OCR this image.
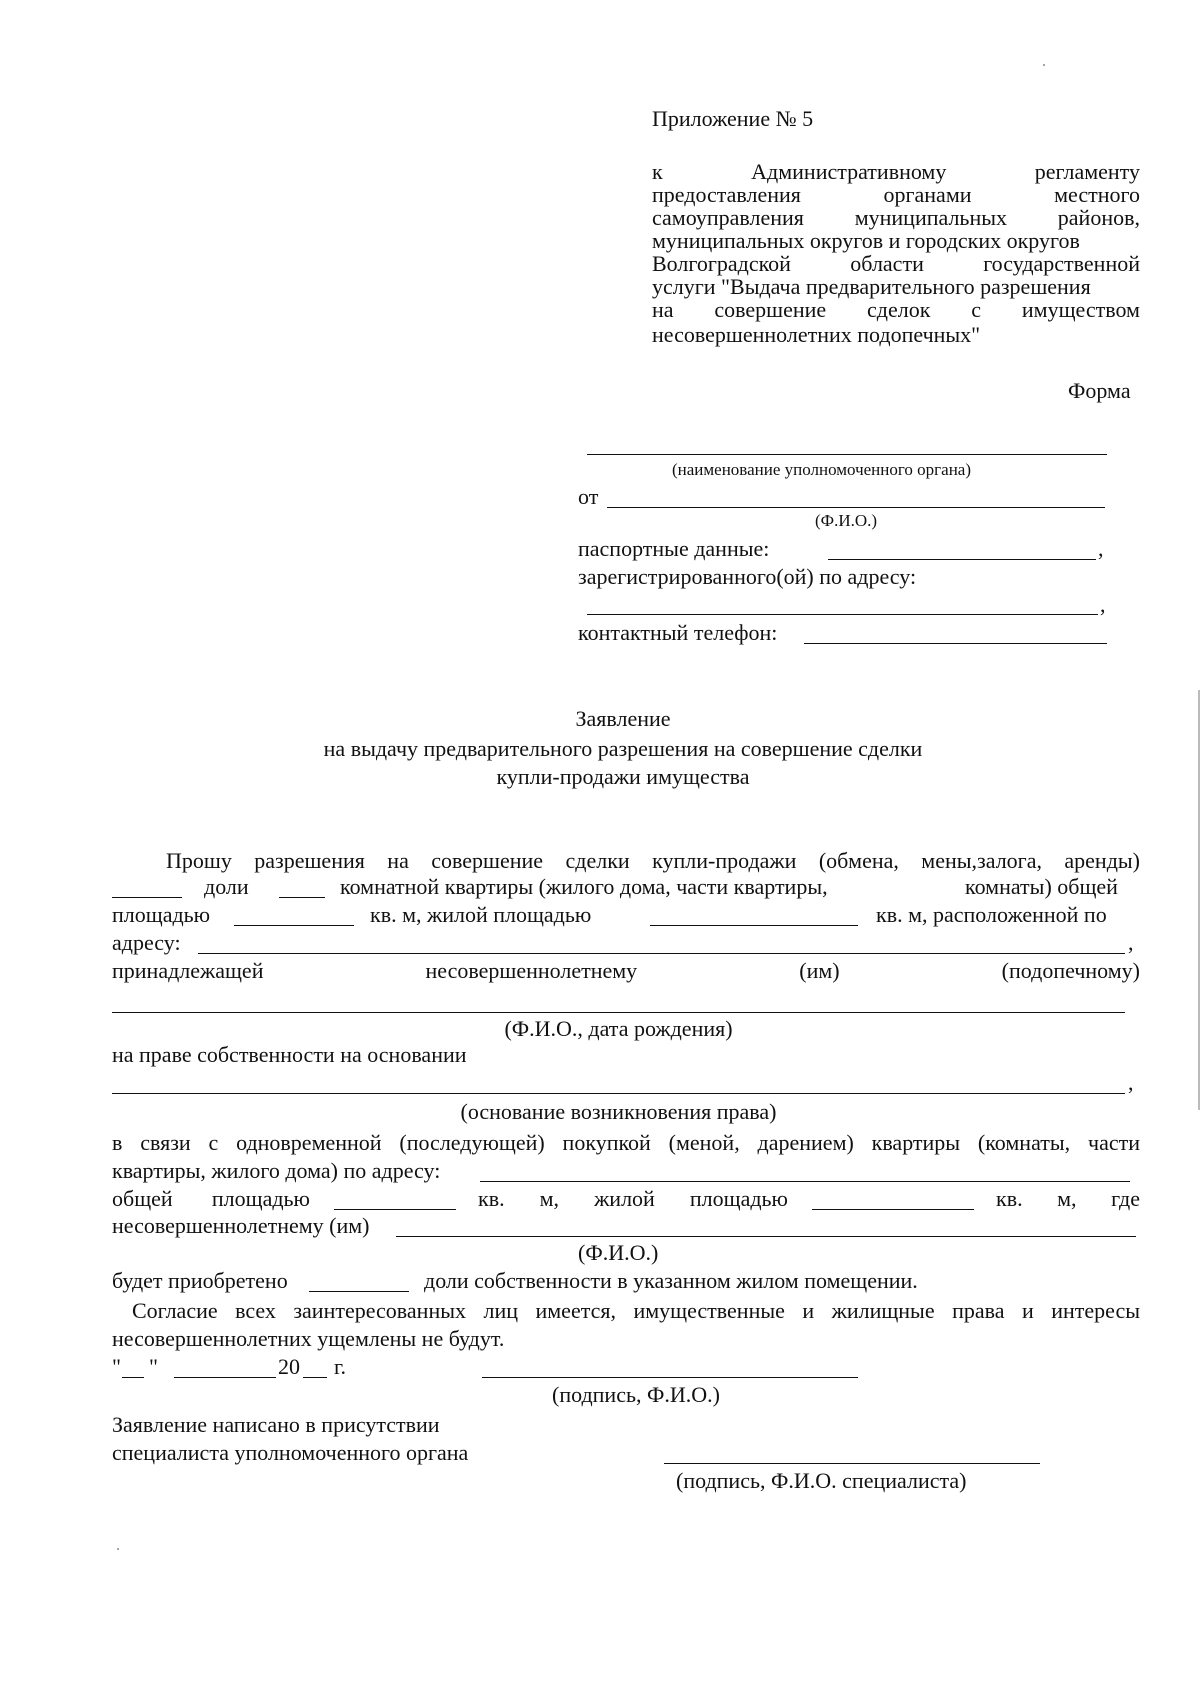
Приложение № 5
к	Административному	регламенту
предоставления	органами	местного
самоуправления муниципальных районов,
муниципальных округов и городских округов
Волгоградской	области	государственной
услуги "Выдача предварительного разрешения
на совершение сделок с имуществом
несовершеннолетних подопечных"
Форма
(наименование уполномоченного органа)
от
(Ф.И.О.)
паспортные данные:	,
зарегистрированного(ой) по адресу:
,
контактный телефон:
Заявление
на выдачу предварительного разрешения на совершение сделки
купли-продажи имущества
Прошу разрешения на совершение сделки купли-продажи (обмена, мены,залога, аренды)
доли	комнатной квартиры (жилого дома, части квартиры,	комнаты) общей
площадью	кв. м, жилой площадью	кв. м, расположенной по
адресу:	,
принадлежащей	несовершеннолетнему	(им)	(подопечному)
(Ф.И.О., дата рождения)
на праве собственности на основании
,
(основание возникновения права)
в связи с одновременной (последующей) покупкой (меной, дарением) квартиры (комнаты, части
квартиры, жилого дома) по адресу:
общей площадью	кв. м, жилой площадью	кв. м, где
несовершеннолетнему (им)
(Ф.И.О.)
будет приобретено	доли собственности в указанном жилом помещении.
Согласие всех заинтересованных лиц имеется, имущественные и жилищные права и интересы
несовершеннолетних ущемлены не будут.
" "	20 г.
(подпись, Ф.И.О.)
Заявление написано в присутствии
специалиста уполномоченного органа
(подпись, Ф.И.О. специалиста)
